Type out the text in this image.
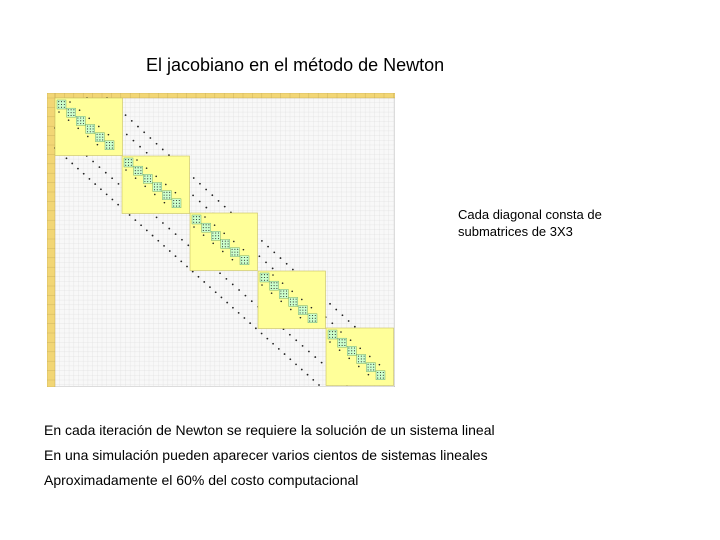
El jacobiano en el método de Newton
Cada diagonal consta de submatrices de 3X3
En cada iteración de Newton se requiere la solución de un sistema lineal
En una simulación pueden aparecer varios cientos de sistemas lineales
Aproximadamente el 60% del costo computacional
